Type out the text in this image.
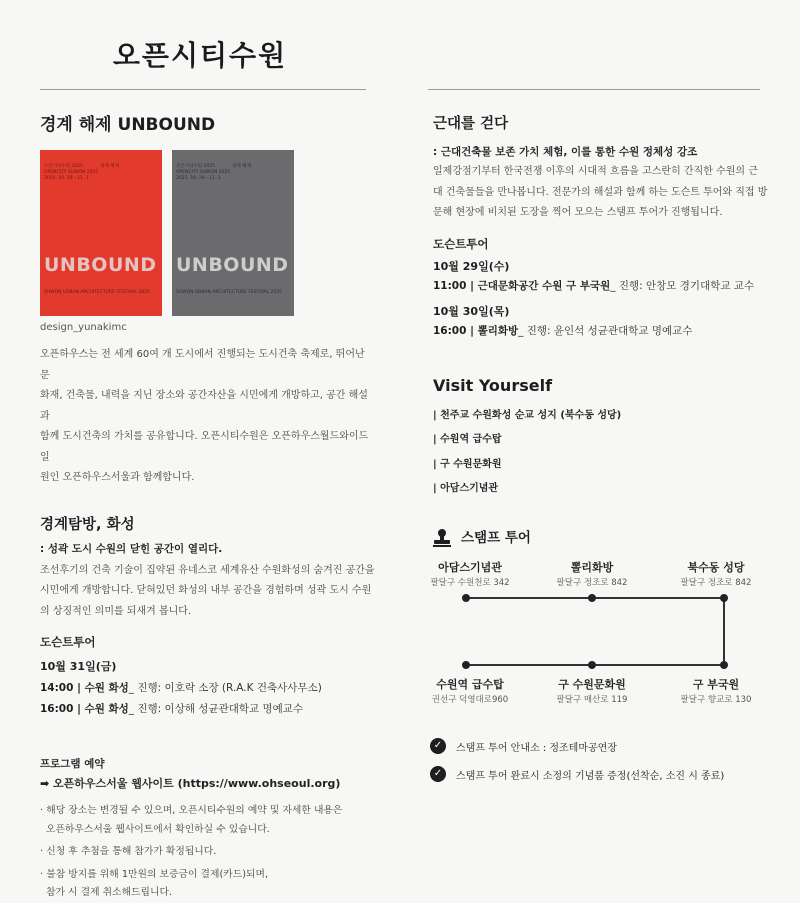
오픈시티수원
경계 해제 UNBOUND
오픈시티수원 2025
OPENCITY SUWON 2025
2025. 10. 29 - 11. 1
경계 해제
UNBOUND
SUWON URBAN ARCHITECTURE FESTIVAL 2025
오픈시티수원 2025
OPENCITY SUWON 2025
2025. 10. 29 - 11. 1
경계 해제
UNBOUND
SUWON URBAN ARCHITECTURE FESTIVAL 2025
design_yunakimc
오픈하우스는 전 세계 60여 개 도시에서 진행되는 도시건축 축제로, 뛰어난 문
화재, 건축물, 내력을 지닌 장소와 공간자산을 시민에게 개방하고, 공간 해설과
함께 도시건축의 가치를 공유합니다. 오픈시티수원은 오픈하우스월드와이드 일
원인 오픈하우스서울과 함께합니다.
경계탐방, 화성
: 성곽 도시 수원의 닫힌 공간이 열리다.
조선후기의 건축 기술이 집약된 유네스코 세계유산 수원화성의 숨겨진 공간을
시민에게 개방합니다. 닫혀있던 화성의 내부 공간을 경험하며 성곽 도시 수원
의 상징적인 의미를 되새겨 봅니다.
도슨트투어
10월 31일(금)
14:00 | 수원 화성_ 진행: 이호락 소장 (R.A.K 건축사사무소)
16:00 | 수원 화성_ 진행: 이상해 성균관대학교 명예교수
프로그램 예약
➡ 오픈하우스서울 웹사이트 (https://www.ohseoul.org)
· 해당 장소는 변경될 수 있으며, 오픈시티수원의 예약 및 자세한 내용은
오픈하우스서울 웹사이트에서 확인하실 수 있습니다.
· 신청 후 추첨을 통해 참가가 확정됩니다.
· 불참 방지를 위해 1만원의 보증금이 결제(카드)되며,
참가 시 결제 취소해드립니다.
근대를 걷다
: 근대건축물 보존 가치 체험, 이를 통한 수원 정체성 강조
일제강점기부터 한국전쟁 이후의 시대적 흐름을 고스란히 간직한 수원의 근
대 건축물들을 만나봅니다. 전문가의 해설과 함께 하는 도슨트 투어와 직접 방
문해 현장에 비치된 도장을 찍어 모으는 스탬프 투어가 진행됩니다.
도슨트투어
10월 29일(수)
11:00 | 근대문화공간 수원 구 부국원_ 진행: 안창모 경기대학교 교수
10월 30일(목)
16:00 | 뽈리화방_ 진행: 윤인석 성균관대학교 명예교수
Visit Yourself
| 천주교 수원화성 순교 성지 (북수동 성당)
| 수원역 급수탑
| 구 수원문화원
| 아담스기념관
스탬프 투어
아담스기념관
팔달구 수원천로 342
뽈리화방
팔달구 정조로 842
북수동 성당
팔달구 정조로 842
수원역 급수탑
권선구 덕영대로960
구 수원문화원
팔달구 매산로 119
구 부국원
팔달구 향교로 130
✓	스탬프 투어 안내소 : 정조테마공연장
✓	스탬프 투어 완료시 소정의 기념품 증정(선착순, 소진 시 종료)
